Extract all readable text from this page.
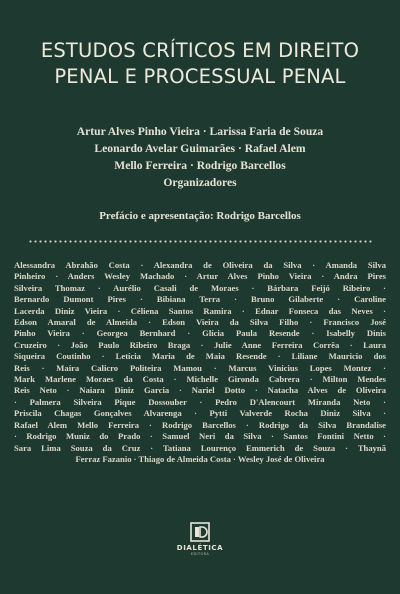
ESTUDOS CRÍTICOS EM DIREITO
PENAL E PROCESSUAL PENAL
Artur Alves Pinho Vieira · Larissa Faria de Souza
Leonardo Avelar Guimarães · Rafael Alem
Mello Ferreira · Rodrigo Barcellos
Organizadores
Prefácio e apresentação: Rodrigo Barcellos
Alessandra Abrahão Costa · Alexandra de Oliveira da Silva · Amanda Silva
Pinheiro · Anders Wesley Machado · Artur Alves Pinho Vieira · Andra Pires
Silveira Thomaz · Aurélio Casali de Moraes · Bárbara Feijó Ribeiro ·
Bernardo Dumont Pires · Bibiana Terra · Bruno Gilaberte · Caroline
Lacerda Diniz Vieira · Céliena Santos Ramira · Ednar Fonseca das Neves ·
Edson Amaral de Almeida · Edson Vieira da Silva Filho · Francisco José
Pinho Vieira · Georgea Bernhard · Glícia Paula Resende · Isabelly Dinis
Cruzeiro · João Paulo Ribeiro Braga · Julie Anne Ferreira Corrêa · Laura
Siqueira Coutinho · Letícia Maria de Maia Resende · Liliane Mauricio dos
Reis · Maíra Calicro Politeira Mamou · Marcus Vinícius Lopes Montez ·
Mark Marlene Moraes da Costa · Michelle Gironda Cabrera · Milton Mendes
Reis Neto · Naiara Diniz Garcia · Nariel Dotto · Natacha Alves de Oliveira
· Palmera Silveira Pique Dossouber · Pedro D'Alencourt Miranda Neto ·
Priscila Chagas Gonçalves Alvarenga · Pytti Valverde Rocha Diniz Silva ·
Rafael Alem Mello Ferreira · Rodrigo Barcellos · Rodrigo da Silva Brandalise
· Rodrigo Muniz do Prado · Samuel Neri da Silva · Santos Fontini Netto ·
Sara Lima Souza da Cruz · Tatiana Lourenço Emmerich de Souza · Thaynã
Ferraz Fazanio · Thiago de Almeida Costa · Wesley José de Oliveira
DIALÉTICA
EDITORA
